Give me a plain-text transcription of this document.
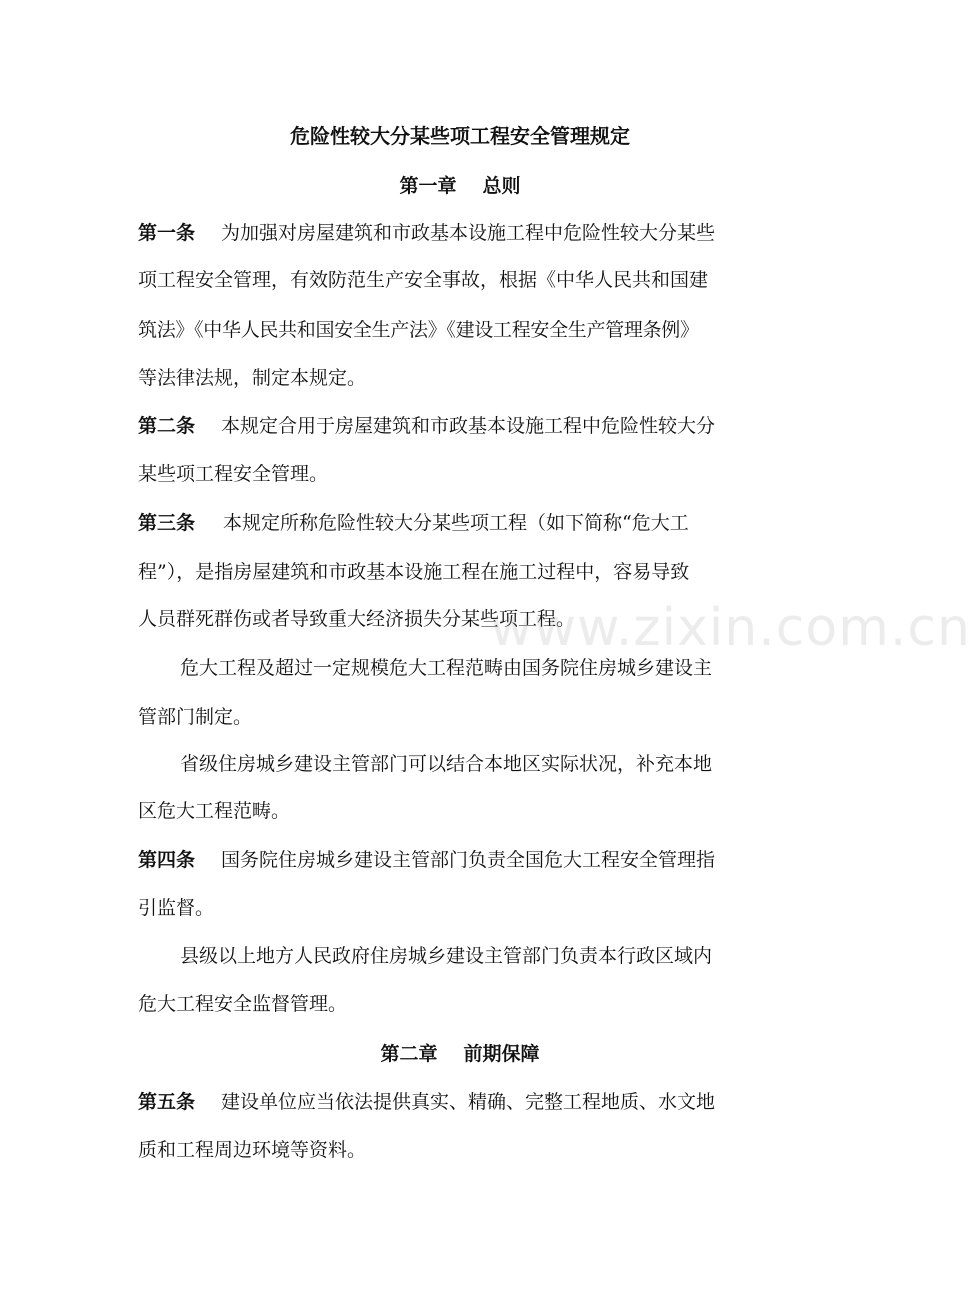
危险性较大分某些项工程安全管理规定
第一章 总则
第一条 为加强对房屋建筑和市政基本设施工程中危险性较大分某些
项工程安全管理，有效防范生产安全事故，根据《中华人民共和国建
筑法》《中华人民共和国安全生产法》《建设工程安全生产管理条例》
等法律法规，制定本规定。
第二条 本规定合用于房屋建筑和市政基本设施工程中危险性较大分
某些项工程安全管理。
第三条 本规定所称危险性较大分某些项工程（如下简称“危大工
程”），是指房屋建筑和市政基本设施工程在施工过程中，容易导致
人员群死群伤或者导致重大经济损失分某些项工程。
危大工程及超过一定规模危大工程范畴由国务院住房城乡建设主
管部门制定。
省级住房城乡建设主管部门可以结合本地区实际状况，补充本地
区危大工程范畴。
第四条 国务院住房城乡建设主管部门负责全国危大工程安全管理指
引监督。
县级以上地方人民政府住房城乡建设主管部门负责本行政区域内
危大工程安全监督管理。
第二章 前期保障
第五条 建设单位应当依法提供真实、精确、完整工程地质、水文地
质和工程周边环境等资料。
www.zixin.com.cn
